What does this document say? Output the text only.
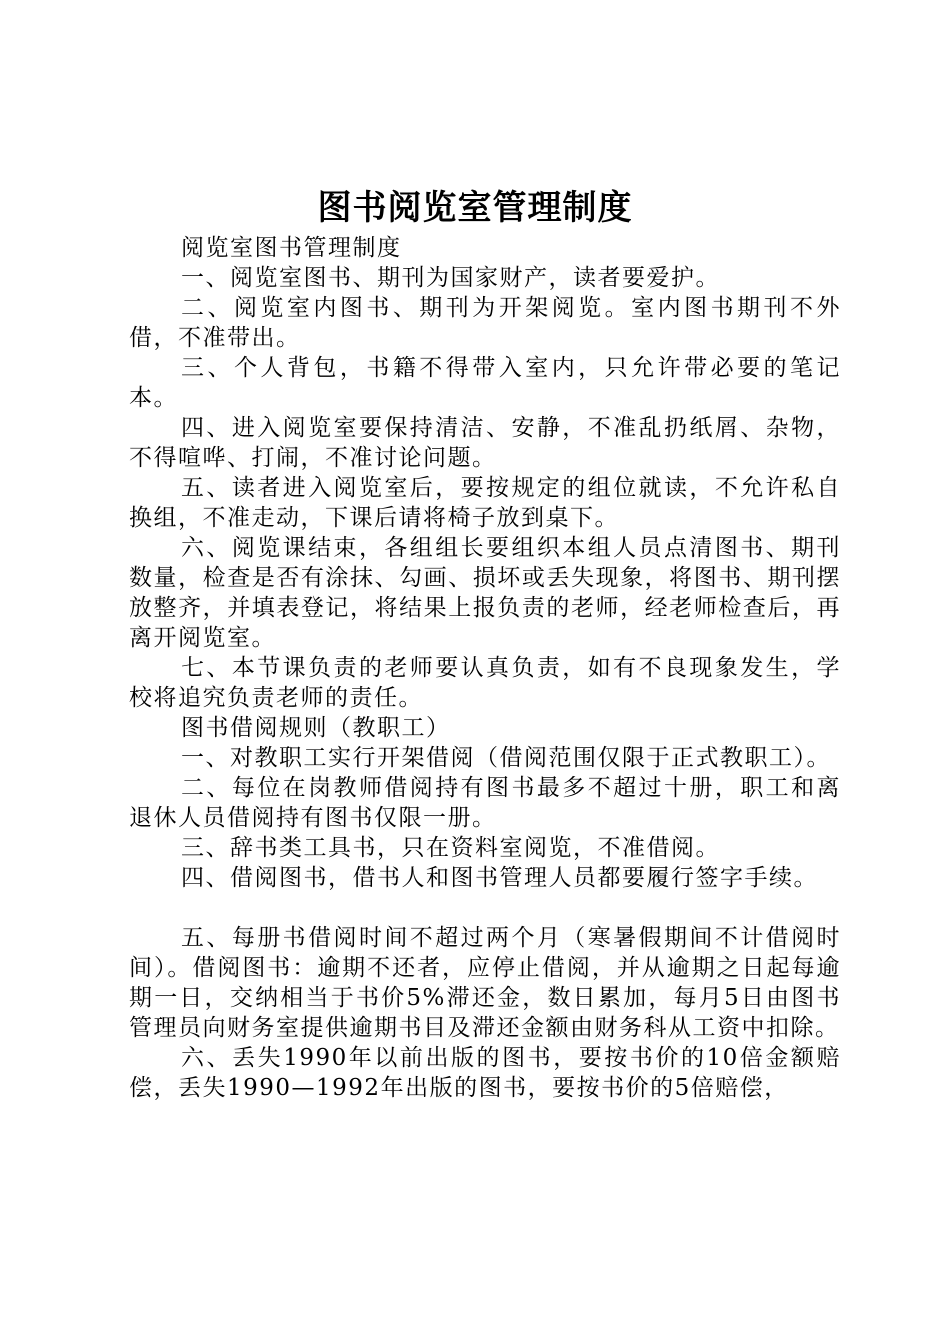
图书阅览室管理制度

阅览室图书管理制度

一、阅览室图书、期刊为国家财产，读者要爱护。

二、阅览室内图书、期刊为开架阅览。室内图书期刊不外借，不准带出。

三、个人背包，书籍不得带入室内，只允许带必要的笔记本。

四、进入阅览室要保持清洁、安静，不准乱扔纸屑、杂物，不得喧哗、打闹，不准讨论问题。

五、读者进入阅览室后，要按规定的组位就读，不允许私自换组，不准走动，下课后请将椅子放到桌下。

六、阅览课结束，各组组长要组织本组人员点清图书、期刊数量，检查是否有涂抹、勾画、损坏或丢失现象，将图书、期刊摆放整齐，并填表登记，将结果上报负责的老师，经老师检查后，再离开阅览室。

七、本节课负责的老师要认真负责，如有不良现象发生，学校将追究负责老师的责任。

图书借阅规则（教职工）

一、对教职工实行开架借阅（借阅范围仅限于正式教职工）。

二、每位在岗教师借阅持有图书最多不超过十册，职工和离退休人员借阅持有图书仅限一册。

三、辞书类工具书，只在资料室阅览，不准借阅。

四、借阅图书，借书人和图书管理人员都要履行签字手续。

五、每册书借阅时间不超过两个月（寒暑假期间不计借阅时间）。借阅图书：逾期不还者，应停止借阅，并从逾期之日起每逾期一日，交纳相当于书价5%滞还金，数日累加，每月5日由图书管理员向财务室提供逾期书目及滞还金额由财务科从工资中扣除。

六、丢失1990年以前出版的图书，要按书价的10倍金额赔偿，丢失1990—1992年出版的图书，要按书价的5倍赔偿，
